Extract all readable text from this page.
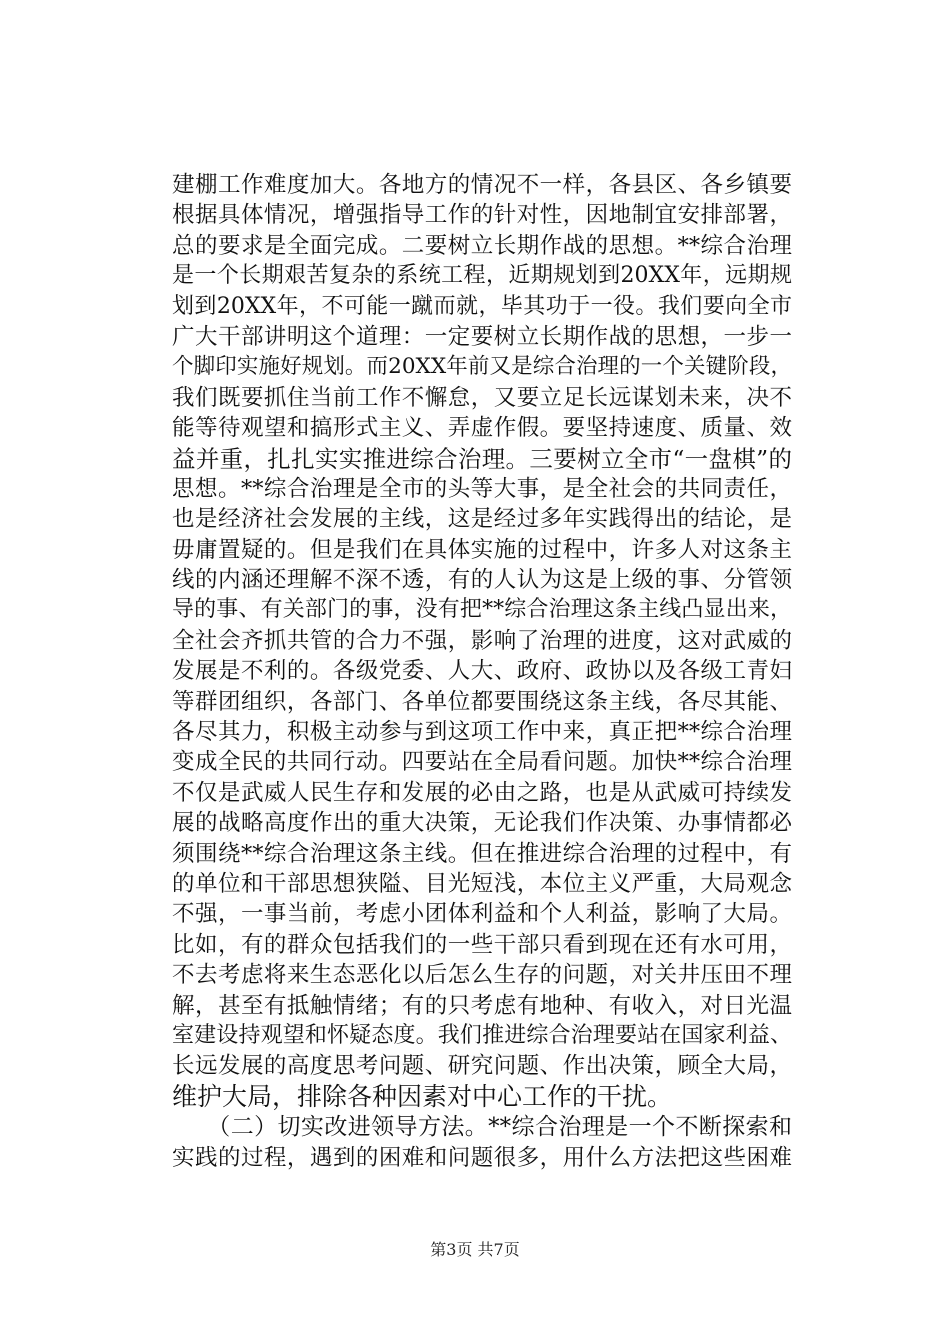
建棚工作难度加大。各地方的情况不一样，各县区、各乡镇要
根据具体情况，增强指导工作的针对性，因地制宜安排部署，
总的要求是全面完成。二要树立长期作战的思想。**综合治理
是一个长期艰苦复杂的系统工程，近期规划到20XX年，远期规
划到20XX年，不可能一蹴而就，毕其功于一役。我们要向全市
广大干部讲明这个道理：一定要树立长期作战的思想，一步一
个脚印实施好规划。而20XX年前又是综合治理的一个关键阶段，
我们既要抓住当前工作不懈怠，又要立足长远谋划未来，决不
能等待观望和搞形式主义、弄虚作假。要坚持速度、质量、效
益并重，扎扎实实推进综合治理。三要树立全市“一盘棋”的
思想。**综合治理是全市的头等大事，是全社会的共同责任，
也是经济社会发展的主线，这是经过多年实践得出的结论，是
毋庸置疑的。但是我们在具体实施的过程中，许多人对这条主
线的内涵还理解不深不透，有的人认为这是上级的事、分管领
导的事、有关部门的事，没有把**综合治理这条主线凸显出来，
全社会齐抓共管的合力不强，影响了治理的进度，这对武威的
发展是不利的。各级党委、人大、政府、政协以及各级工青妇
等群团组织，各部门、各单位都要围绕这条主线，各尽其能、
各尽其力，积极主动参与到这项工作中来，真正把**综合治理
变成全民的共同行动。四要站在全局看问题。加快**综合治理
不仅是武威人民生存和发展的必由之路，也是从武威可持续发
展的战略高度作出的重大决策，无论我们作决策、办事情都必
须围绕**综合治理这条主线。但在推进综合治理的过程中，有
的单位和干部思想狭隘、目光短浅，本位主义严重，大局观念
不强，一事当前，考虑小团体利益和个人利益，影响了大局。
比如，有的群众包括我们的一些干部只看到现在还有水可用，
不去考虑将来生态恶化以后怎么生存的问题，对关井压田不理
解，甚至有抵触情绪；有的只考虑有地种、有收入，对日光温
室建设持观望和怀疑态度。我们推进综合治理要站在国家利益、
长远发展的高度思考问题、研究问题、作出决策，顾全大局，
维护大局，排除各种因素对中心工作的干扰。
　　（二）切实改进领导方法。**综合治理是一个不断探索和
实践的过程，遇到的困难和问题很多，用什么方法把这些困难
第3页 共7页
